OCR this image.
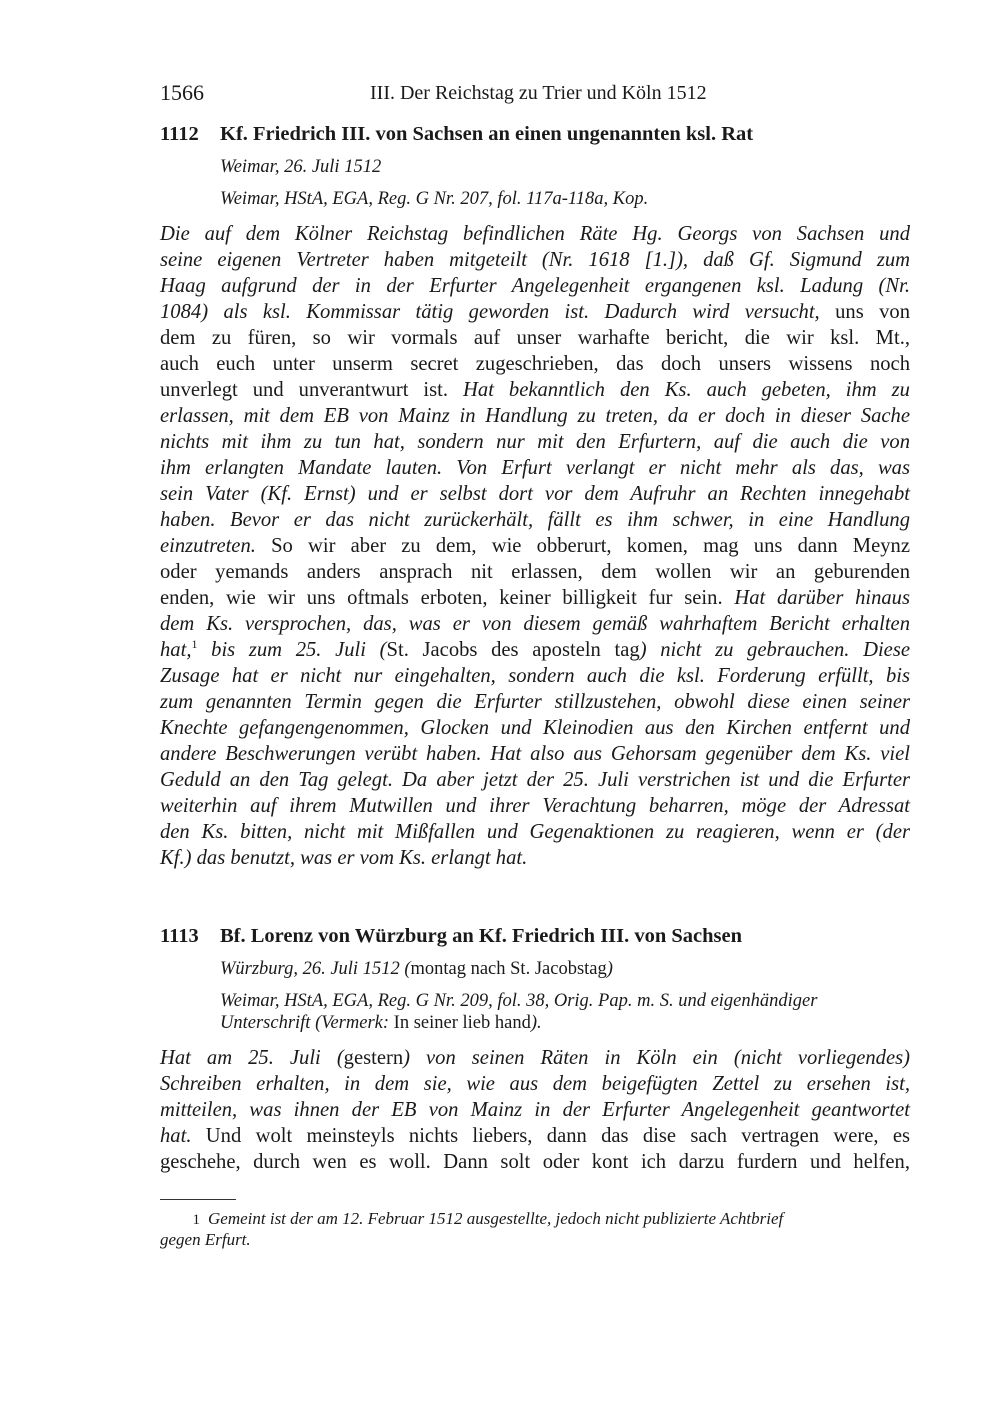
1566	III. Der Reichstag zu Trier und Köln 1512
1112 Kf. Friedrich III. von Sachsen an einen ungenannten ksl. Rat
Weimar, 26. Juli 1512
Weimar, HStA, EGA, Reg. G Nr. 207, fol. 117a-118a, Kop.
Die auf dem Kölner Reichstag befindlichen Räte Hg. Georgs von Sachsen und
seine eigenen Vertreter haben mitgeteilt (Nr. 1618 [1.]), daß Gf. Sigmund zum
Haag aufgrund der in der Erfurter Angelegenheit ergangenen ksl. Ladung (Nr.
1084) als ksl. Kommissar tätig geworden ist. Dadurch wird versucht, uns von
dem zu füren, so wir vormals auf unser warhafte bericht, die wir ksl. Mt.,
auch euch unter unserm secret zugeschrieben, das doch unsers wissens noch
unverlegt und unverantwurt ist. Hat bekanntlich den Ks. auch gebeten, ihm zu
erlassen, mit dem EB von Mainz in Handlung zu treten, da er doch in dieser Sache
nichts mit ihm zu tun hat, sondern nur mit den Erfurtern, auf die auch die von
ihm erlangten Mandate lauten. Von Erfurt verlangt er nicht mehr als das, was
sein Vater (Kf. Ernst) und er selbst dort vor dem Aufruhr an Rechten innegehabt
haben. Bevor er das nicht zurückerhält, fällt es ihm schwer, in eine Handlung
einzutreten. So wir aber zu dem, wie obberurt, komen, mag uns dann Meynz
oder yemands anders ansprach nit erlassen, dem wollen wir an geburenden
enden, wie wir uns oftmals erboten, keiner billigkeit fur sein. Hat darüber hinaus
dem Ks. versprochen, das, was er von diesem gemäß wahrhaftem Bericht erhalten
hat,$^1$ bis zum 25. Juli (St. Jacobs des aposteln tag) nicht zu gebrauchen. Diese
Zusage hat er nicht nur eingehalten, sondern auch die ksl. Forderung erfüllt, bis
zum genannten Termin gegen die Erfurter stillzustehen, obwohl diese einen seiner
Knechte gefangengenommen, Glocken und Kleinodien aus den Kirchen entfernt und
andere Beschwerungen verübt haben. Hat also aus Gehorsam gegenüber dem Ks. viel
Geduld an den Tag gelegt. Da aber jetzt der 25. Juli verstrichen ist und die Erfurter
weiterhin auf ihrem Mutwillen und ihrer Verachtung beharren, möge der Adressat
den Ks. bitten, nicht mit Mißfallen und Gegenaktionen zu reagieren, wenn er (der
Kf.) das benutzt, was er vom Ks. erlangt hat.
1113 Bf. Lorenz von Würzburg an Kf. Friedrich III. von Sachsen
Würzburg, 26. Juli 1512 (montag nach St. Jacobstag)
Weimar, HStA, EGA, Reg. G Nr. 209, fol. 38, Orig. Pap. m. S. und eigenhändiger
Unterschrift (Vermerk: In seiner lieb hand).
Hat am 25. Juli (gestern) von seinen Räten in Köln ein (nicht vorliegendes)
Schreiben erhalten, in dem sie, wie aus dem beigefügten Zettel zu ersehen ist,
mitteilen, was ihnen der EB von Mainz in der Erfurter Angelegenheit geantwortet
hat. Und wolt meinsteyls nichts liebers, dann das dise sach vertragen were, es
geschehe, durch wen es woll. Dann solt oder kont ich darzu furdern und helfen,
1 Gemeint ist der am 12. Februar 1512 ausgestellte, jedoch nicht publizierte Achtbrief
gegen Erfurt.
